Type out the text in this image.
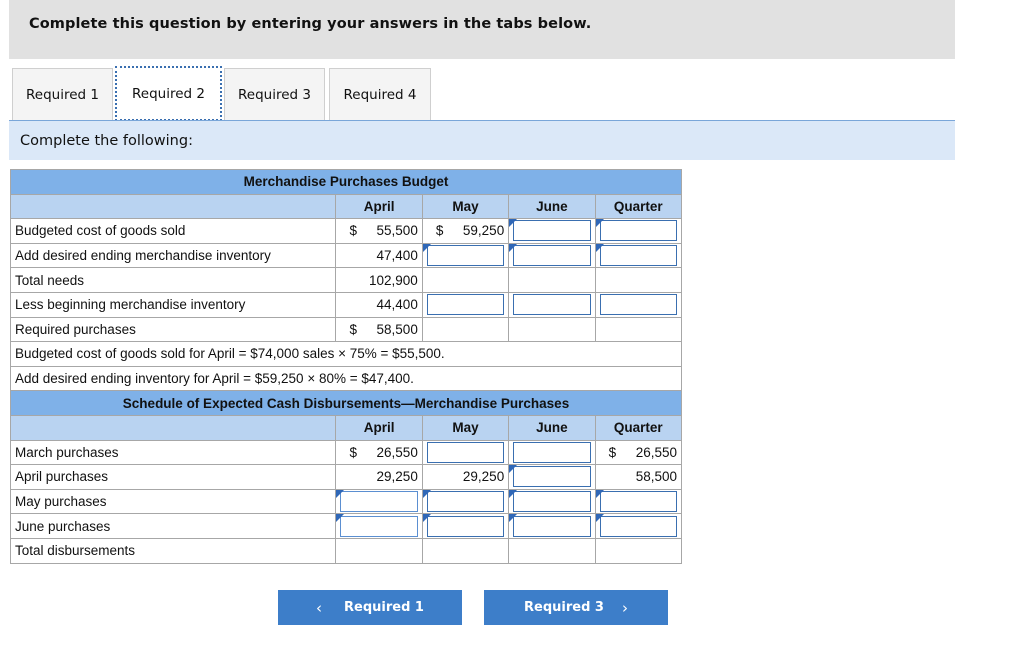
Complete this question by entering your answers in the tabs below.
Required 1 Required 2 Required 3 Required 4
Complete the following:
Merchandise Purchases Budget				
	April	May	June	Quarter
Budgeted cost of goods sold	$ 55,500	$ 59,250	

Add desired ending merchandise inventory	47,400	

Total needs	102,900			
Less beginning merchandise inventory	44,400	

Required purchases	$ 58,500			
Budgeted cost of goods sold for April = $74,000 sales × 75% = $55,500.				
Add desired ending inventory for April = $59,250 × 80% = $47,400.				
Schedule of Expected Cash Disbursements—Merchandise Purchases				
	April	May	June	Quarter
March purchases	$ 26,550			$ 26,550
April purchases	29,250	29,250		58,500
May purchases	

June purchases	

Total disbursements				
‹ Required 1	Required 3 ›
